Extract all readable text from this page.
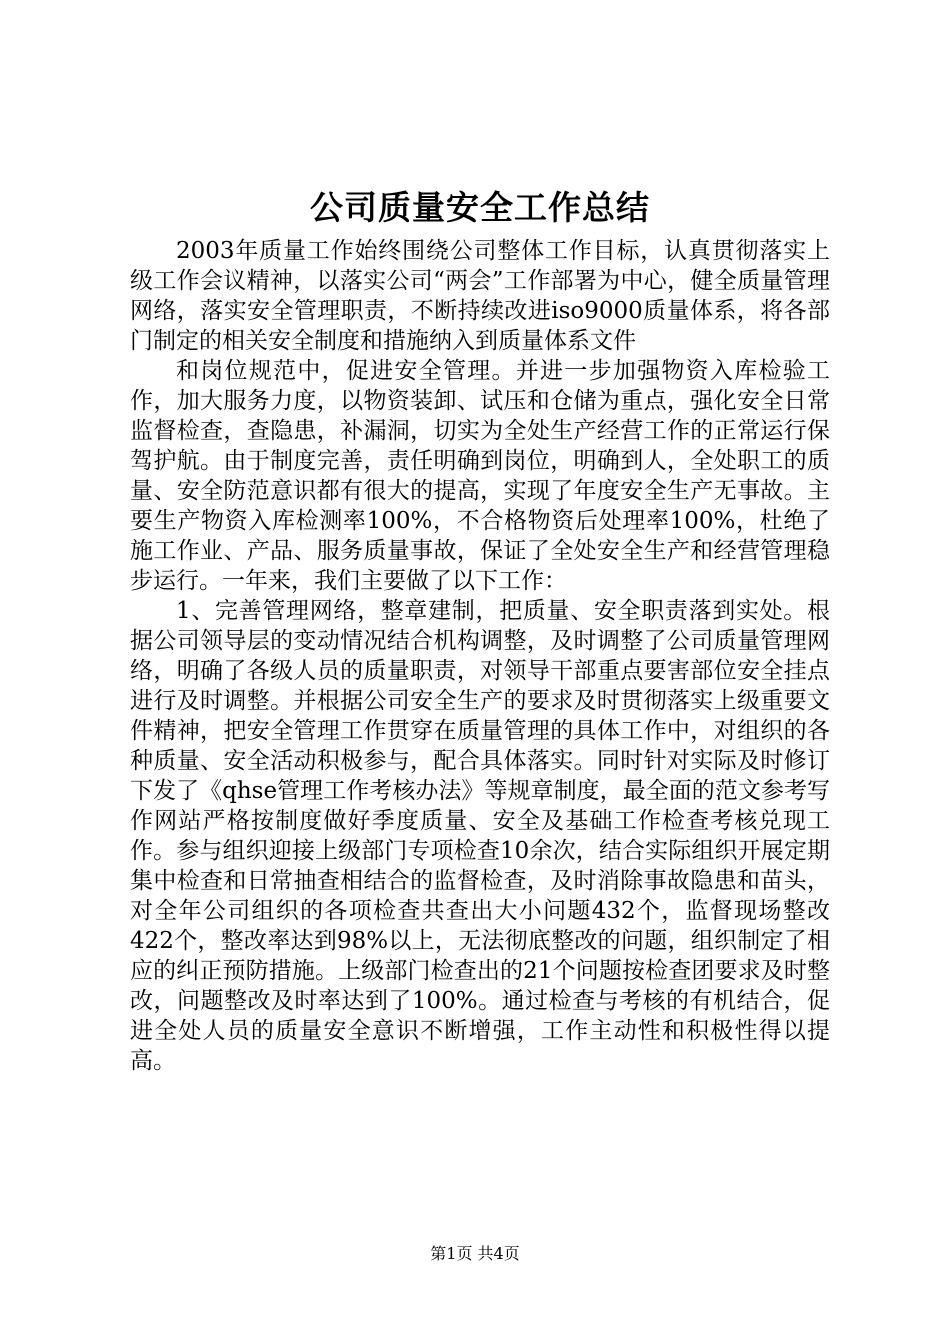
公司质量安全工作总结

2003年质量工作始终围绕公司整体工作目标，认真贯彻落实上级工作会议精神，以落实公司“两会”工作部署为中心，健全质量管理网络，落实安全管理职责，不断持续改进iso9000质量体系，将各部门制定的相关安全制度和措施纳入到质量体系文件

和岗位规范中，促进安全管理。并进一步加强物资入库检验工作，加大服务力度，以物资装卸、试压和仓储为重点，强化安全日常监督检查，查隐患，补漏洞，切实为全处生产经营工作的正常运行保驾护航。由于制度完善，责任明确到岗位，明确到人，全处职工的质量、安全防范意识都有很大的提高，实现了年度安全生产无事故。主要生产物资入库检测率100%，不合格物资后处理率100%，杜绝了施工作业、产品、服务质量事故，保证了全处安全生产和经营管理稳步运行。一年来，我们主要做了以下工作：

1、完善管理网络，整章建制，把质量、安全职责落到实处。根据公司领导层的变动情况结合机构调整，及时调整了公司质量管理网络，明确了各级人员的质量职责，对领导干部重点要害部位安全挂点进行及时调整。并根据公司安全生产的要求及时贯彻落实上级重要文件精神，把安全管理工作贯穿在质量管理的具体工作中，对组织的各种质量、安全活动积极参与，配合具体落实。同时针对实际及时修订下发了《qhse管理工作考核办法》等规章制度，最全面的范文参考写作网站严格按制度做好季度质量、安全及基础工作检查考核兑现工作。参与组织迎接上级部门专项检查10余次，结合实际组织开展定期集中检查和日常抽查相结合的监督检查，及时消除事故隐患和苗头，对全年公司组织的各项检查共查出大小问题432个，监督现场整改422个，整改率达到98%以上，无法彻底整改的问题，组织制定了相应的纠正预防措施。上级部门检查出的21个问题按检查团要求及时整改，问题整改及时率达到了100%。通过检查与考核的有机结合，促进全处人员的质量安全意识不断增强，工作主动性和积极性得以提高。

第1页 共4页
